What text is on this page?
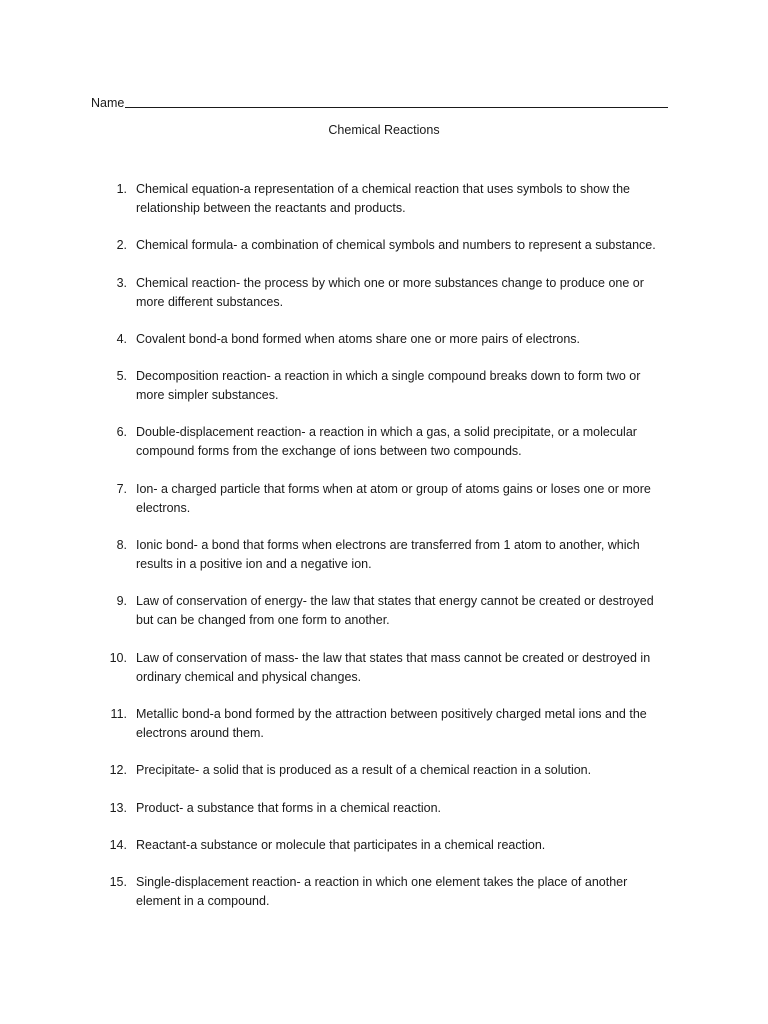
Name
Chemical Reactions
1. Chemical equation-a representation of a chemical reaction that uses symbols to show the relationship between the reactants and products.
2. Chemical formula- a combination of chemical symbols and numbers to represent a substance.
3. Chemical reaction- the process by which one or more substances change to produce one or more different substances.
4. Covalent bond-a bond formed when atoms share one or more pairs of electrons.
5. Decomposition reaction- a reaction in which a single compound breaks down to form two or more simpler substances.
6. Double-displacement reaction- a reaction in which a gas, a solid precipitate, or a molecular compound forms from the exchange of ions between two compounds.
7. Ion- a charged particle that forms when at atom or group of atoms gains or loses one or more electrons.
8. Ionic bond- a bond that forms when electrons are transferred from 1 atom to another, which results in a positive ion and a negative ion.
9. Law of conservation of energy- the law that states that energy cannot be created or destroyed but can be changed from one form to another.
10. Law of conservation of mass- the law that states that mass cannot be created or destroyed in ordinary chemical and physical changes.
11. Metallic bond-a bond formed by the attraction between positively charged metal ions and the electrons around them.
12. Precipitate- a solid that is produced as a result of a chemical reaction in a solution.
13. Product- a substance that forms in a chemical reaction.
14. Reactant-a substance or molecule that participates in a chemical reaction.
15. Single-displacement reaction- a reaction in which one element takes the place of another element in a compound.
